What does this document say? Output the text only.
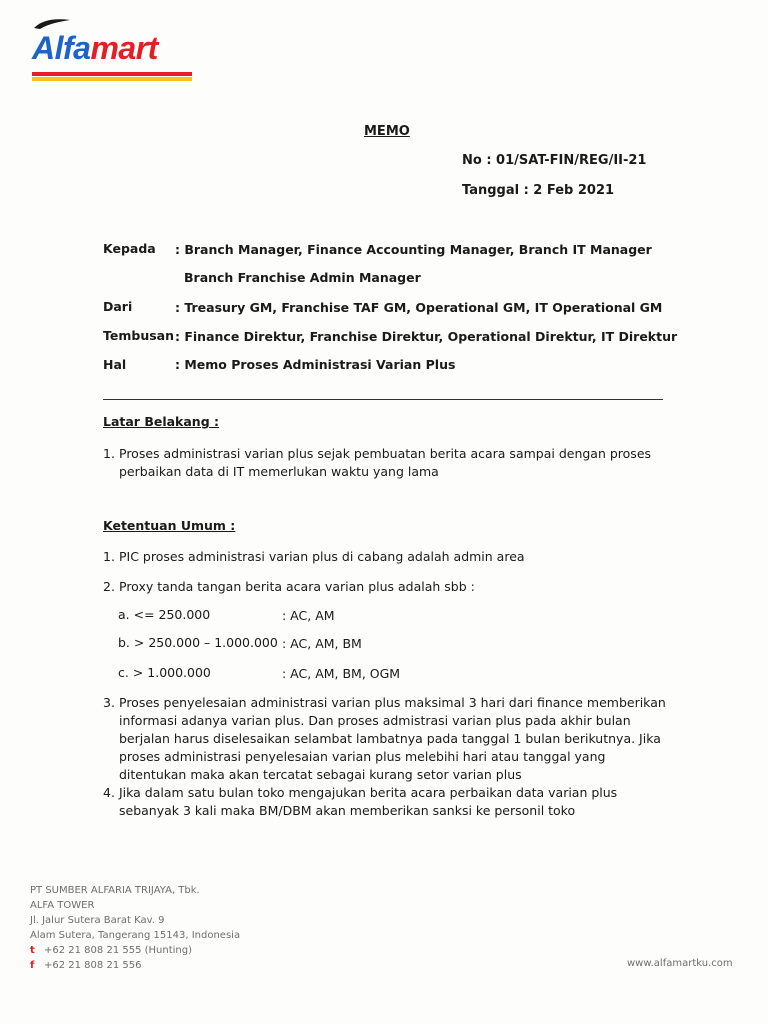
Alfamart
MEMO
No : 01/SAT-FIN/REG/II-21
Tanggal : 2 Feb 2021
Kepada : Branch Manager, Finance Accounting Manager, Branch IT Manager
Branch Franchise Admin Manager
Dari	: Treasury GM, Franchise TAF GM, Operational GM, IT Operational GM
Tembusan : Finance Direktur, Franchise Direktur, Operational Direktur, IT Direktur
Hal	: Memo Proses Administrasi Varian Plus
Latar Belakang :
1. Proses administrasi varian plus sejak pembuatan berita acara sampai dengan proses perbaikan data di IT memerlukan waktu yang lama
Ketentuan Umum :
1. PIC proses administrasi varian plus di cabang adalah admin area
2. Proxy tanda tangan berita acara varian plus adalah sbb :
a. <= 250.000	: AC, AM
b. > 250.000 – 1.000.000 : AC, AM, BM
c. > 1.000.000	: AC, AM, BM, OGM
3. Proses penyelesaian administrasi varian plus maksimal 3 hari dari finance memberikan informasi adanya varian plus. Dan proses admistrasi varian plus pada akhir bulan berjalan harus diselesaikan selambat lambatnya pada tanggal 1 bulan berikutnya. Jika proses administrasi penyelesaian varian plus melebihi hari atau tanggal yang ditentukan maka akan tercatat sebagai kurang setor varian plus
4. Jika dalam satu bulan toko mengajukan berita acara perbaikan data varian plus sebanyak 3 kali maka BM/DBM akan memberikan sanksi ke personil toko
PT SUMBER ALFARIA TRIJAYA, Tbk.
ALFA TOWER
Jl. Jalur Sutera Barat Kav. 9
Alam Sutera, Tangerang 15143, Indonesia
t +62 21 808 21 555 (Hunting)
f +62 21 808 21 556	www.alfamartku.com
